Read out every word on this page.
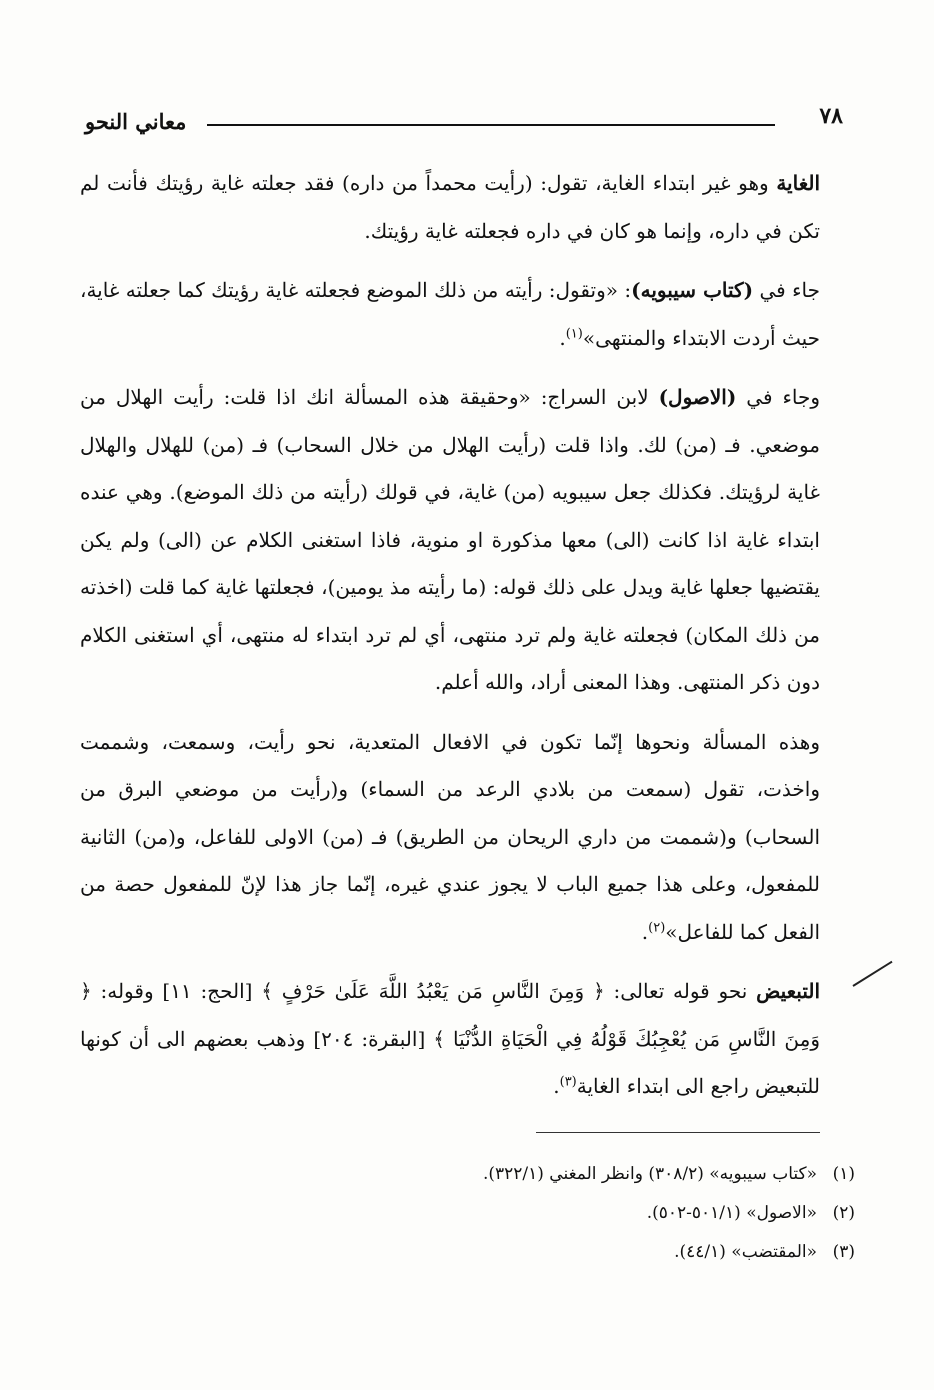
٧٨
معاني النحو

الغاية وهو غير ابتداء الغاية، تقول: (رأيت محمداً من داره) فقد جعلته غاية رؤيتك فأنت لم تكن في داره، وإنما هو كان في داره فجعلته غاية رؤيتك.

جاء في (كتاب سيبويه): «وتقول: رأيته من ذلك الموضع فجعلته غاية رؤيتك كما جعلته غاية، حيث أردت الابتداء والمنتهى»$^{(١)}$.

وجاء في (الاصول) لابن السراج: «وحقيقة هذه المسألة انك اذا قلت: رأيت الهلال من موضعي. فـ (من) لك. واذا قلت (رأيت الهلال من خلال السحاب) فـ (من) للهلال والهلال غاية لرؤيتك. فكذلك جعل سيبويه (من) غاية، في قولك (رأيته من ذلك الموضع). وهي عنده ابتداء غاية اذا كانت (الى) معها مذكورة او منوية، فاذا استغنى الكلام عن (الى) ولم يكن يقتضيها جعلها غاية ويدل على ذلك قوله: (ما رأيته مذ يومين)، فجعلتها غاية كما قلت (اخذته من ذلك المكان) فجعلته غاية ولم ترد منتهى، أي لم ترد ابتداء له منتهى، أي استغنى الكلام دون ذكر المنتهى. وهذا المعنى أراد، والله أعلم.

وهذه المسألة ونحوها إنّما تكون في الافعال المتعدية، نحو رأيت، وسمعت، وشممت واخذت، تقول (سمعت من بلادي الرعد من السماء) و(رأيت من موضعي البرق من السحاب) و(شممت من داري الريحان من الطريق) فـ (من) الاولى للفاعل، و(من) الثانية للمفعول، وعلى هذا جميع الباب لا يجوز عندي غيره، إنّما جاز هذا لإنّ للمفعول حصة من الفعل كما للفاعل»$^{(٢)}$.

التبعيض نحو قوله تعالى: ﴿ وَمِنَ النَّاسِ مَن يَعْبُدُ اللَّهَ عَلَىٰ حَرْفٍ ﴾ [الحج: ١١] وقوله: ﴿ وَمِنَ النَّاسِ مَن يُعْجِبُكَ قَوْلُهُ فِي الْحَيَاةِ الدُّنْيَا ﴾ [البقرة: ٢٠٤] وذهب بعضهم الى أن كونها للتبعيض راجع الى ابتداء الغاية$^{(٣)}$.

(١)
«كتاب سيبويه» (٣٠٨/٢) وانظر المغني (٣٢٢/١).
(٢)
«الاصول» (٥٠١/١-٥٠٢).
(٣)
«المقتضب» (٤٤/١).
